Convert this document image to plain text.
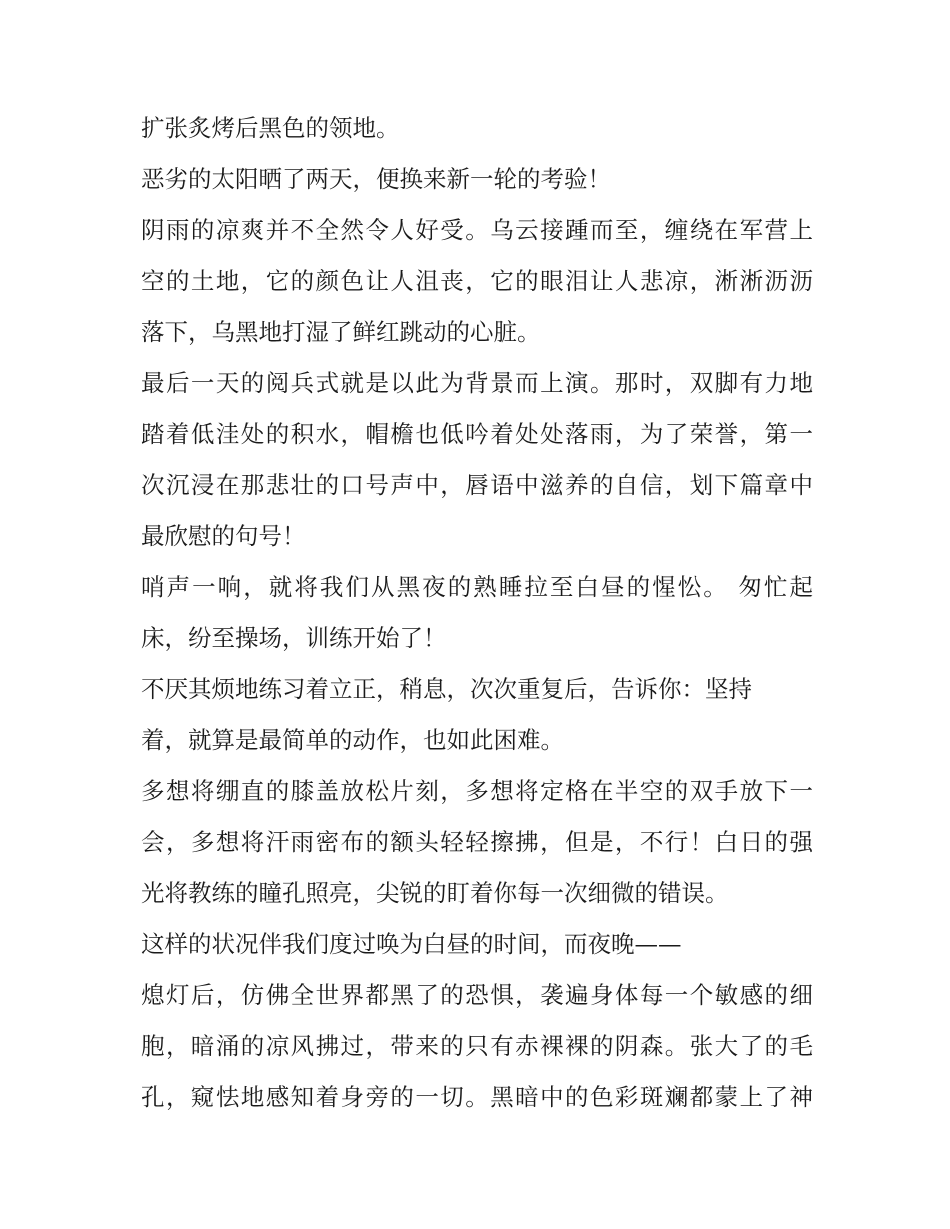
扩张炙烤后黑色的领地。
恶劣的太阳晒了两天，便换来新一轮的考验！
阴雨的凉爽并不全然令人好受。乌云接踵而至，缠绕在军营上
空的土地，它的颜色让人沮丧，它的眼泪让人悲凉，淅淅沥沥
落下，乌黑地打湿了鲜红跳动的心脏。
最后一天的阅兵式就是以此为背景而上演。那时，双脚有力地
踏着低洼处的积水，帽檐也低吟着处处落雨，为了荣誉，第一
次沉浸在那悲壮的口号声中，唇语中滋养的自信，划下篇章中
最欣慰的句号！
哨声一响，就将我们从黑夜的熟睡拉至白昼的惺忪。 匆忙起
床，纷至操场，训练开始了！
不厌其烦地练习着立正，稍息，次次重复后，告诉你：坚持
着，就算是最简单的动作，也如此困难。
多想将绷直的膝盖放松片刻，多想将定格在半空的双手放下一
会，多想将汗雨密布的额头轻轻擦拂，但是，不行！白日的强
光将教练的瞳孔照亮，尖锐的盯着你每一次细微的错误。
这样的状况伴我们度过唤为白昼的时间，而夜晚——
熄灯后，仿佛全世界都黑了的恐惧，袭遍身体每一个敏感的细
胞，暗涌的凉风拂过，带来的只有赤裸裸的阴森。张大了的毛
孔，窥怯地感知着身旁的一切。黑暗中的色彩斑斓都蒙上了神
